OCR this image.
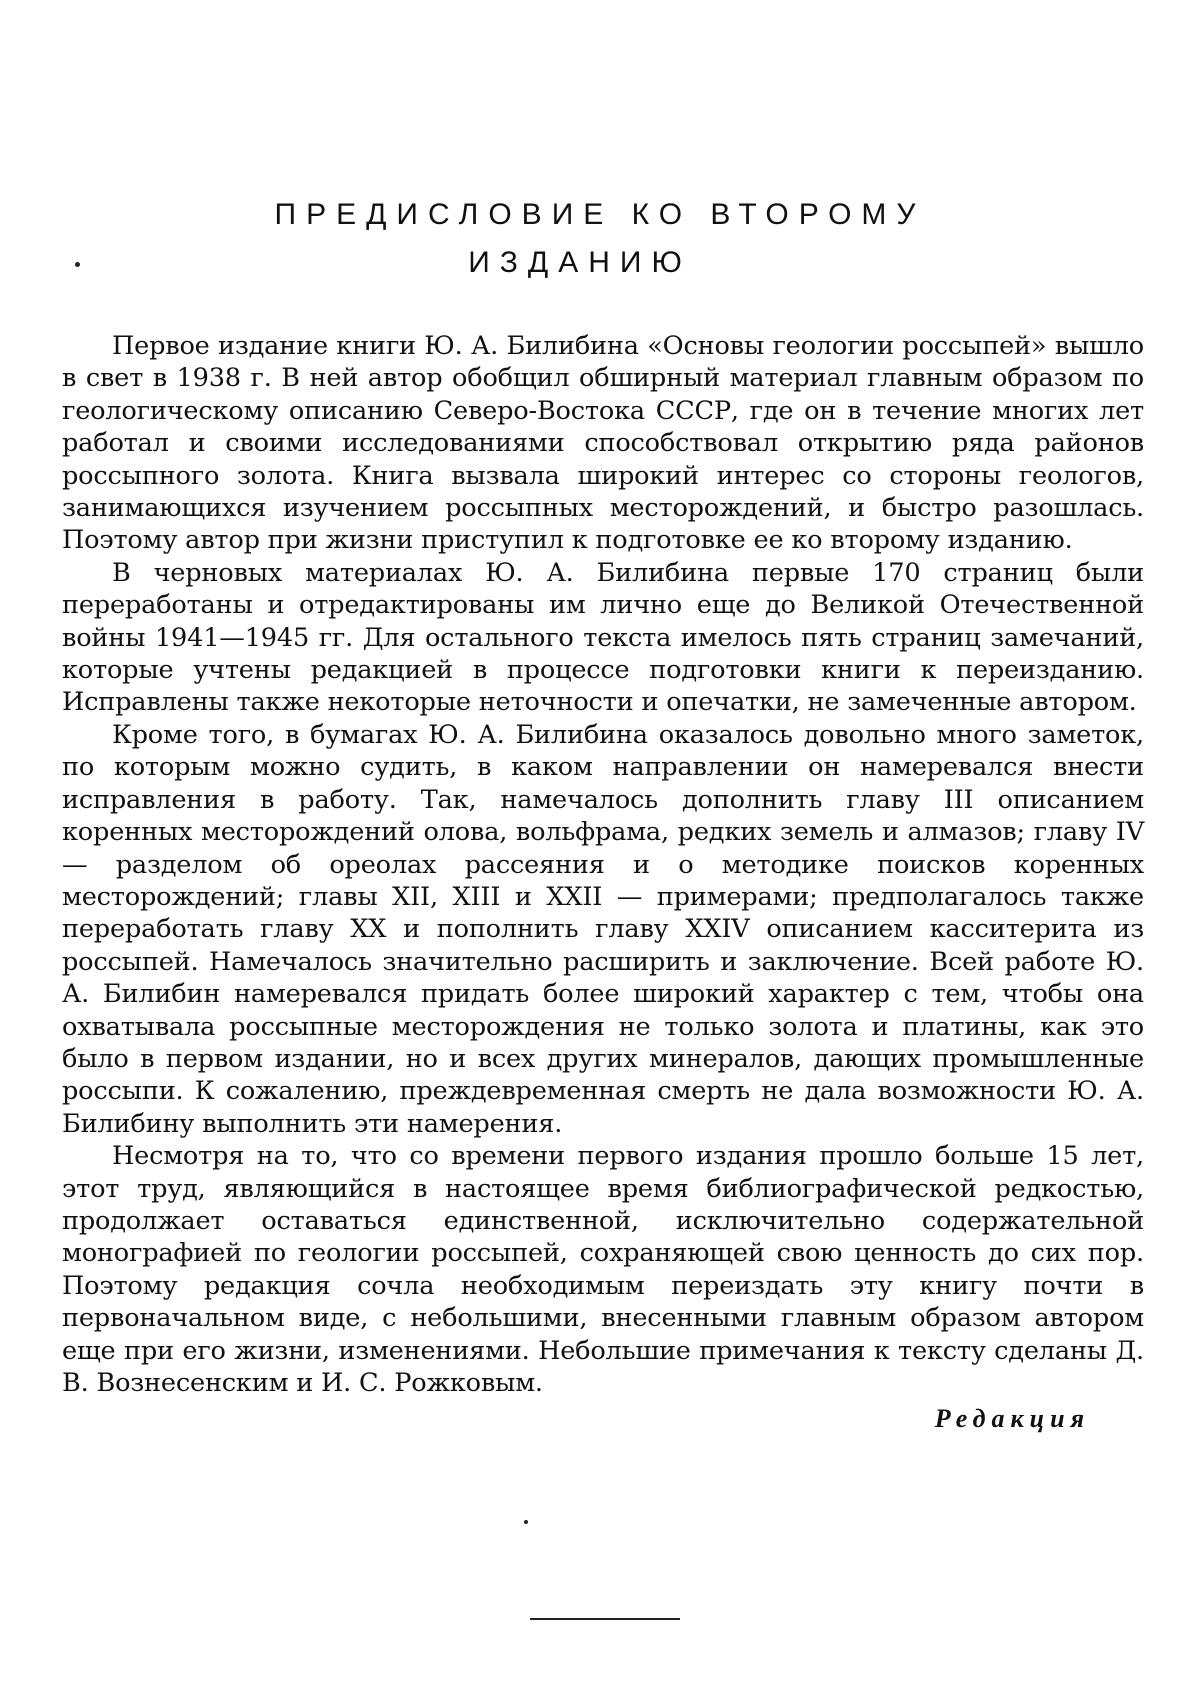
ПРЕДИСЛОВИЕ КО ВТОРОМУ
ИЗДАНИЮ

Первое издание книги Ю. А. Билибина «Основы геологии россыпей» вышло в свет в 1938 г. В ней автор обобщил обширный материал главным образом по геологическому описанию Северо-Востока СССР, где он в течение многих лет работал и своими исследованиями способствовал открытию ряда районов россыпного золота. Книга вызвала широкий интерес со стороны геологов, занимающихся изучением россыпных месторождений, и быстро разошлась. Поэтому автор при жизни приступил к подготовке ее ко второму изданию.

В черновых материалах Ю. А. Билибина первые 170 страниц были переработаны и отредактированы им лично еще до Великой Отечественной войны 1941—1945 гг. Для остального текста имелось пять страниц замечаний, которые учтены редакцией в процессе подготовки книги к переизданию. Исправлены также некоторые неточности и опечатки, не замеченные автором.

Кроме того, в бумагах Ю. А. Билибина оказалось довольно много заметок, по которым можно судить, в каком направлении он намеревался внести исправления в работу. Так, намечалось дополнить главу III описанием коренных месторождений олова, вольфрама, редких земель и алмазов; главу IV — разделом об ореолах рассеяния и о методике поисков коренных месторождений; главы XII, XIII и XXII — примерами; предполагалось также переработать главу XX и пополнить главу XXIV описанием касситерита из россыпей. Намечалось значительно расширить и заключение. Всей работе Ю. А. Билибин намеревался придать более широкий характер с тем, чтобы она охватывала россыпные месторождения не только золота и платины, как это было в первом издании, но и всех других минералов, дающих промышленные россыпи. К сожалению, преждевременная смерть не дала возможности Ю. А. Билибину выполнить эти намерения.

Несмотря на то, что со времени первого издания прошло больше 15 лет, этот труд, являющийся в настоящее время библиографической редкостью, продолжает оставаться единственной, исключительно содержательной монографией по геологии россыпей, сохраняющей свою ценность до сих пор. Поэтому редакция сочла необходимым переиздать эту книгу почти в первоначальном виде, с небольшими, внесенными главным образом автором еще при его жизни, изменениями. Небольшие примечания к тексту сделаны Д. В. Вознесенским и И. С. Рожковым.

Редакция
